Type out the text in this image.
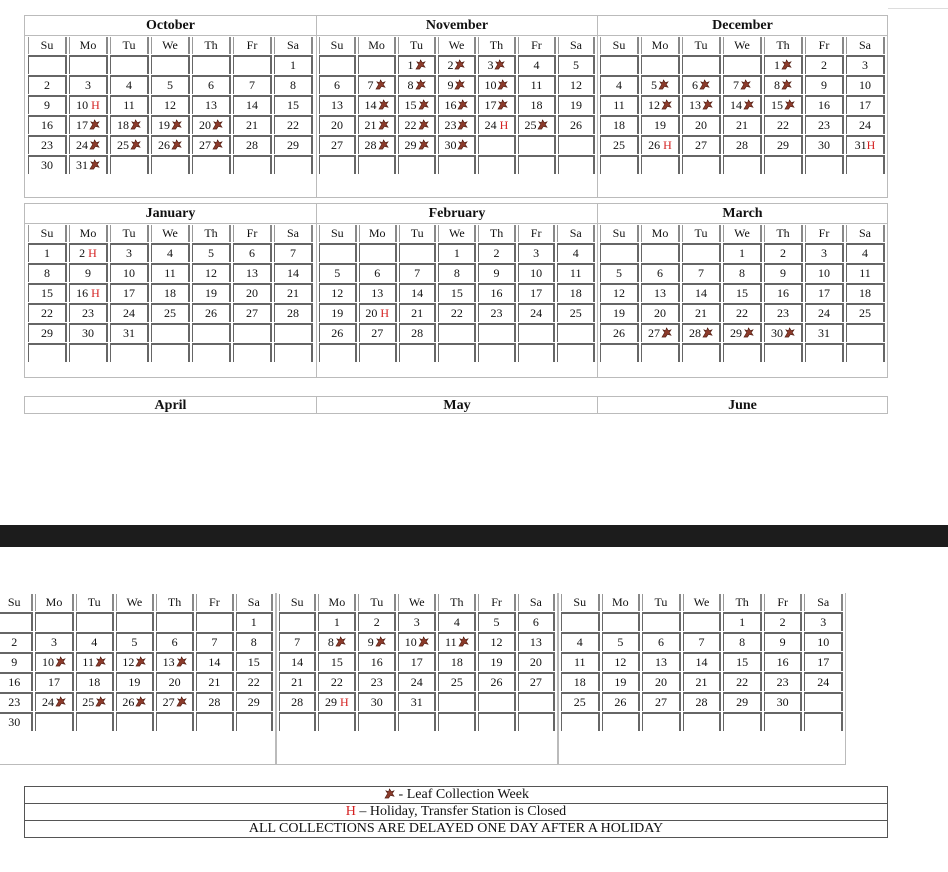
October
Su	Mo	Tu	We	Th	Fr	Sa
						1
2	3	4	5	6	7	8
9	10 H	11	12	13	14	15
16	17	18	19	20	21	22
23	24	25	26	27	28	29
30	31					
November
Su	Mo	Tu	We	Th	Fr	Sa
		1	2	3	4	5
6	7	8	9	10	11	12
13	14	15	16	17	18	19
20	21	22	23	24 H	25	26
27	28	29	30			

December
Su	Mo	Tu	We	Th	Fr	Sa
				1	2	3
4	5	6	7	8	9	10
11	12	13	14	15	16	17
18	19	20	21	22	23	24
25	26 H	27	28	29	30	31H

January
Su	Mo	Tu	We	Th	Fr	Sa
1	2 H	3	4	5	6	7
8	9	10	11	12	13	14
15	16 H	17	18	19	20	21
22	23	24	25	26	27	28
29	30	31				

February
Su	Mo	Tu	We	Th	Fr	Sa
			1	2	3	4
5	6	7	8	9	10	11
12	13	14	15	16	17	18
19	20 H	21	22	23	24	25
26	27	28				

March
Su	Mo	Tu	We	Th	Fr	Sa
			1	2	3	4
5	6	7	8	9	10	11
12	13	14	15	16	17	18
19	20	21	22	23	24	25
26	27	28	29	30	31	

April	May	June
Su	Mo	Tu	We	Th	Fr	Sa
						1
2	3	4	5	6	7	8
9	10	11	12	13	14	15
16	17	18	19	20	21	22
23	24	25	26	27	28	29
30						
Su	Mo	Tu	We	Th	Fr	Sa
	1	2	3	4	5	6
7	8	9	10	11	12	13
14	15	16	17	18	19	20
21	22	23	24	25	26	27
28	29 H	30	31			

Su	Mo	Tu	We	Th	Fr	Sa
				1	2	3
4	5	6	7	8	9	10
11	12	13	14	15	16	17
18	19	20	21	22	23	24
25	26	27	28	29	30	

- Leaf Collection Week
H – Holiday, Transfer Station is Closed
ALL COLLECTIONS ARE DELAYED ONE DAY AFTER A HOLIDAY
